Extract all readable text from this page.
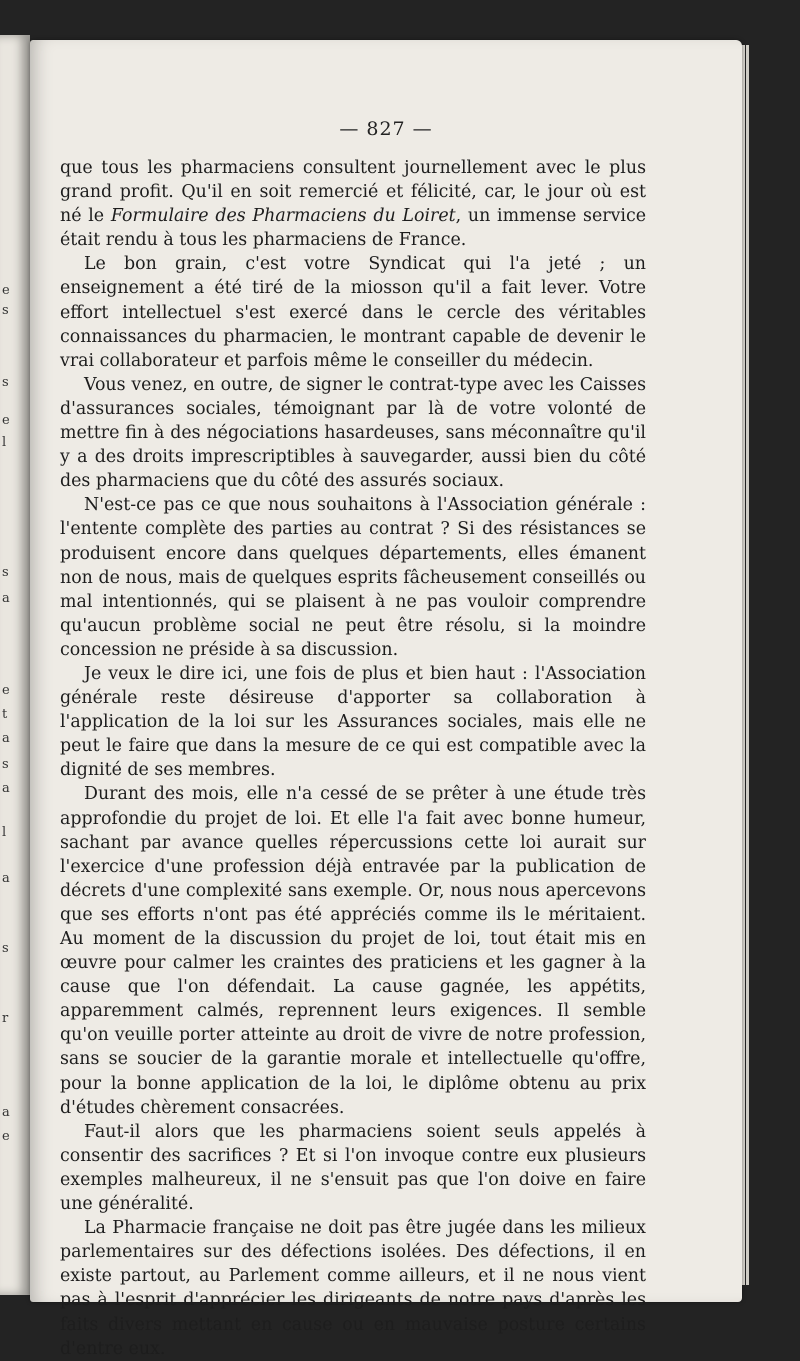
e
s
s
e
l
s
a
e
t
a
s
a
l
a
s
r
a
e
— 827 —

que tous les pharmaciens consultent journellement avec le plus grand profit. Qu'il en soit remercié et félicité, car, le jour où est né le Formulaire des Pharmaciens du Loiret, un immense service était rendu à tous les pharmaciens de France.

Le bon grain, c'est votre Syndicat qui l'a jeté ; un enseignement a été tiré de la miosson qu'il a fait lever. Votre effort intellectuel s'est exercé dans le cercle des véritables connaissances du pharmacien, le montrant capable de devenir le vrai collaborateur et parfois même le conseiller du médecin.

Vous venez, en outre, de signer le contrat-type avec les Caisses d'assurances sociales, témoignant par là de votre volonté de mettre fin à des négociations hasardeuses, sans méconnaître qu'il y a des droits imprescriptibles à sauvegarder, aussi bien du côté des pharmaciens que du côté des assurés sociaux.

N'est-ce pas ce que nous souhaitons à l'Association générale : l'entente complète des parties au contrat ? Si des résistances se produisent encore dans quelques départements, elles émanent non de nous, mais de quelques esprits fâcheusement conseillés ou mal intentionnés, qui se plaisent à ne pas vouloir comprendre qu'aucun problème social ne peut être résolu, si la moindre concession ne préside à sa discussion.

Je veux le dire ici, une fois de plus et bien haut : l'Association générale reste désireuse d'apporter sa collaboration à l'application de la loi sur les Assurances sociales, mais elle ne peut le faire que dans la mesure de ce qui est compatible avec la dignité de ses membres.

Durant des mois, elle n'a cessé de se prêter à une étude très approfondie du projet de loi. Et elle l'a fait avec bonne humeur, sachant par avance quelles répercussions cette loi aurait sur l'exercice d'une profession déjà entravée par la publication de décrets d'une complexité sans exemple. Or, nous nous apercevons que ses efforts n'ont pas été appréciés comme ils le méritaient. Au moment de la discussion du projet de loi, tout était mis en œuvre pour calmer les craintes des praticiens et les gagner à la cause que l'on défendait. La cause gagnée, les appétits, apparemment calmés, reprennent leurs exigences. Il semble qu'on veuille porter atteinte au droit de vivre de notre profession, sans se soucier de la garantie morale et intellectuelle qu'offre, pour la bonne application de la loi, le diplôme obtenu au prix d'études chèrement consacrées.

Faut-il alors que les pharmaciens soient seuls appelés à consentir des sacrifices ? Et si l'on invoque contre eux plusieurs exemples malheureux, il ne s'ensuit pas que l'on doive en faire une généralité.

La Pharmacie française ne doit pas être jugée dans les milieux parlementaires sur des défections isolées. Des défections, il en existe partout, au Parlement comme ailleurs, et il ne nous vient pas à l'esprit d'apprécier les dirigeants de notre pays d'après les faits divers mettant en cause ou en mauvaise posture certains d'entre eux.
